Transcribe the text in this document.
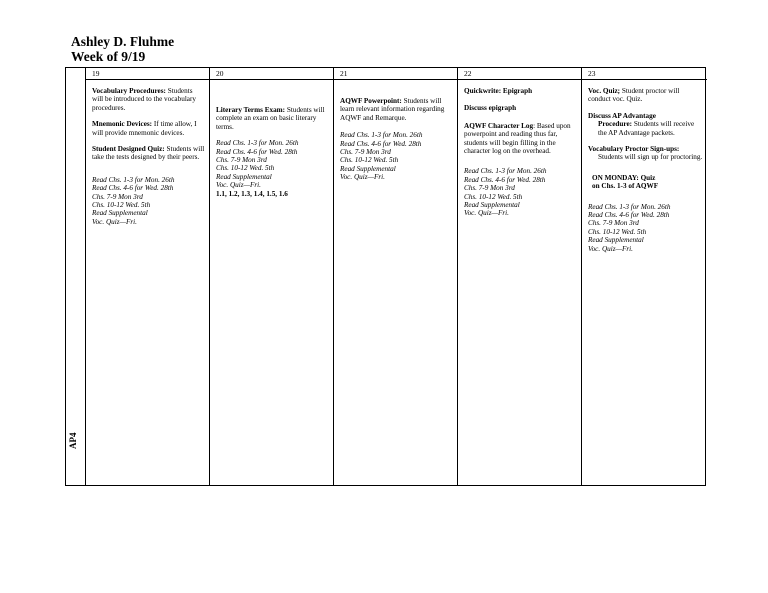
Ashley D. Fluhme
Week of 9/19
AP4
19
Vocabulary Procedures: Students will be introduced to the vocabulary procedures.
Mnemonic Devices: If time allow, I will provide mnemonic devices.
Student Designed Quiz: Students will take the tests designed by their peers.
Read Chs. 1-3 for Mon. 26th
Read Chs. 4-6 for Wed. 28th
Chs. 7-9 Mon 3rd
Chs. 10-12 Wed. 5th
Read Supplemental
Voc. Quiz—Fri.
20
Literary Terms Exam: Students will complete an exam on basic literary terms.
Read Chs. 1-3 for Mon. 26th
Read Chs. 4-6 for Wed. 28th
Chs. 7-9 Mon 3rd
Chs. 10-12 Wed. 5th
Read Supplemental
Voc. Quiz—Fri.
1.1, 1.2, 1.3, 1.4, 1.5, 1.6
21
AQWF Powerpoint: Students will learn relevant information regarding AQWF and Remarque.
Read Chs. 1-3 for Mon. 26th
Read Chs. 4-6 for Wed. 28th
Chs. 7-9 Mon 3rd
Chs. 10-12 Wed. 5th
Read Supplemental
Voc. Quiz—Fri.
22
Quickwrite: Epigraph
Discuss epigraph
AQWF Character Log: Based upon powerpoint and reading thus far, students will begin filling in the character log on the overhead.
Read Chs. 1-3 for Mon. 26th
Read Chs. 4-6 for Wed. 28th
Chs. 7-9 Mon 3rd
Chs. 10-12 Wed. 5th
Read Supplemental
Voc. Quiz—Fri.
23
Voc. Quiz; Student proctor will conduct voc. Quiz.
Discuss AP Advantage
Procedure: Students will receive the AP Advantage packets.
Vocabulary Proctor Sign-ups:
Students will sign up for proctoring.
ON MONDAY: Quiz
on Chs. 1-3 of AQWF
Read Chs. 1-3 for Mon. 26th
Read Chs. 4-6 for Wed. 28th
Chs. 7-9 Mon 3rd
Chs. 10-12 Wed. 5th
Read Supplemental
Voc. Quiz—Fri.
